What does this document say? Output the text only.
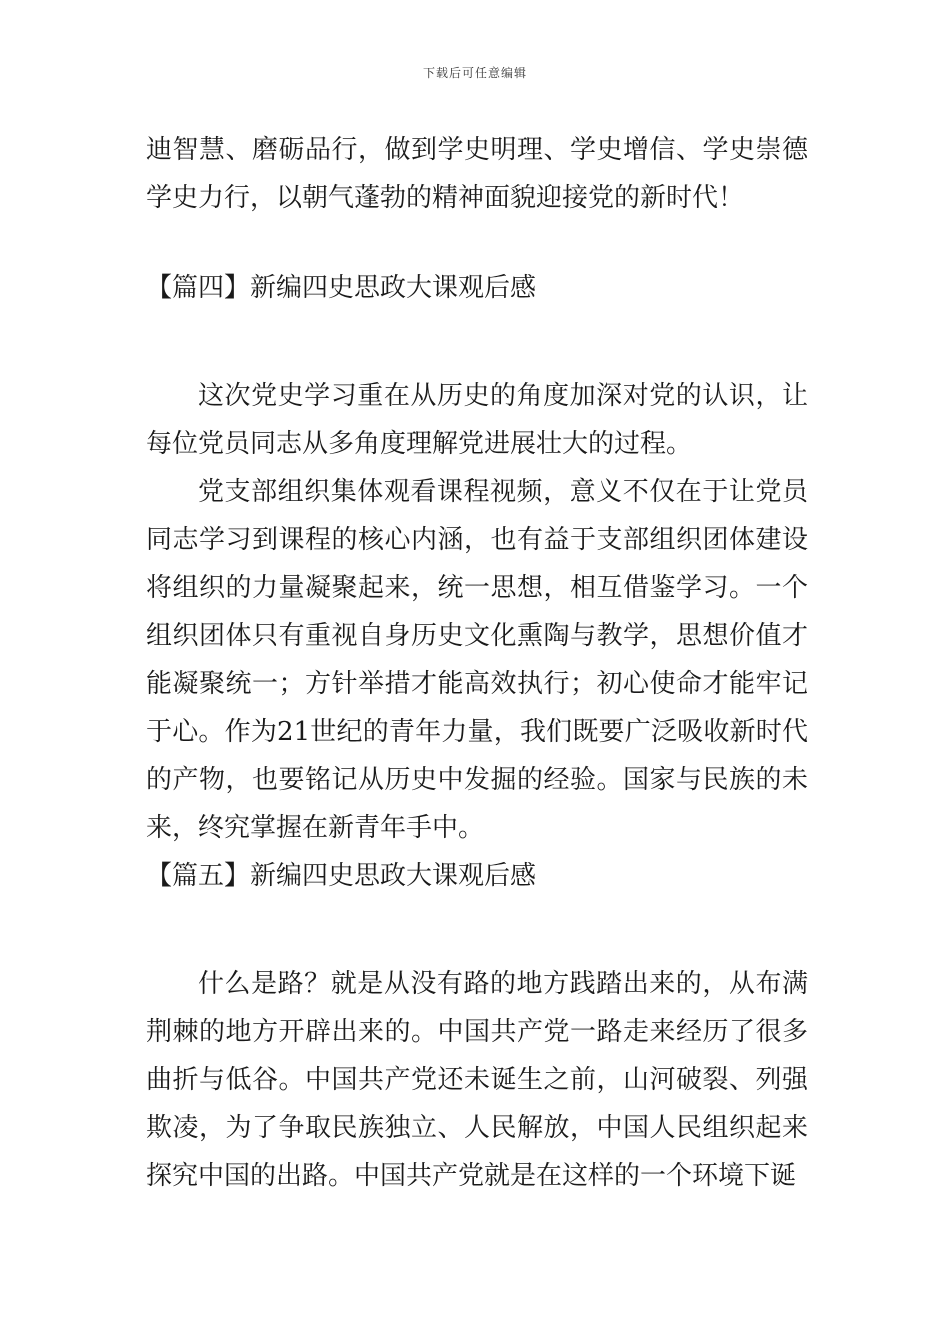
下载后可任意编辑

迪智慧、磨砺品行，做到学史明理、学史增信、学史崇德学史力行，以朝气蓬勃的精神面貌迎接党的新时代！

【篇四】新编四史思政大课观后感

这次党史学习重在从历史的角度加深对党的认识，让每位党员同志从多角度理解党进展壮大的过程。

党支部组织集体观看课程视频，意义不仅在于让党员同志学习到课程的核心内涵，也有益于支部组织团体建设将组织的力量凝聚起来，统一思想，相互借鉴学习。一个组织团体只有重视自身历史文化熏陶与教学，思想价值才能凝聚统一；方针举措才能高效执行；初心使命才能牢记于心。作为21世纪的青年力量，我们既要广泛吸收新时代的产物，也要铭记从历史中发掘的经验。国家与民族的未来，终究掌握在新青年手中。

【篇五】新编四史思政大课观后感

什么是路？就是从没有路的地方践踏出来的，从布满荆棘的地方开辟出来的。中国共产党一路走来经历了很多曲折与低谷。中国共产党还未诞生之前，山河破裂、列强欺凌，为了争取民族独立、人民解放，中国人民组织起来探究中国的出路。中国共产党就是在这样的一个环境下诞
